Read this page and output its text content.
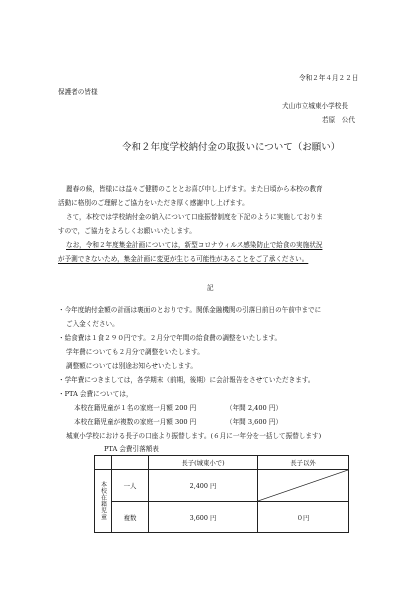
令和２年４月２２日
保護者の皆様
犬山市立城東小学校長
若原　公代
令和２年度学校納付金の取扱いについて（お願い）
麗春の候，皆様には益々ご健勝のこととお喜び申し上げます。また日頃から本校の教育
活動に格別のご理解とご協力をいただき厚く感謝申し上げます。
さて，本校では学校納付金の納入について口座振替制度を下記のように実施しておりま
すので，ご協力をよろしくお願いいたします。
なお，令和２年度集金計画については，新型コロナウィルス感染防止で給食の実施状況
が予測できないため，集金計画に変更が生じる可能性があることをご了承ください。
記
・今年度納付金額の計画は裏面のとおりです。関係金融機関の引落日前日の午前中までに
ご入金ください。
・給食費は１食２９０円です。２月分で年間の給食費の調整をいたします。
学年費についても２月分で調整をいたします。
調整額については別途お知らせいたします。
・学年費につきましては，各学期末（前期，後期）に会計報告をさせていただきます。
・PTA 会費については，
本校在籍児童が１名の家庭一月額 200 円	（年間 2,400 円）
本校在籍児童が複数の家庭一月額 300 円	（年間 3,600 円）
城東小学校における長子の口座より振替します。(６月に一年分を一括して振替します)
PTA 会費引落額表
		長子(城東小で)	長子以外
本校在籍児童	一人	2,400 円	

	複数	3,600 円	０円
